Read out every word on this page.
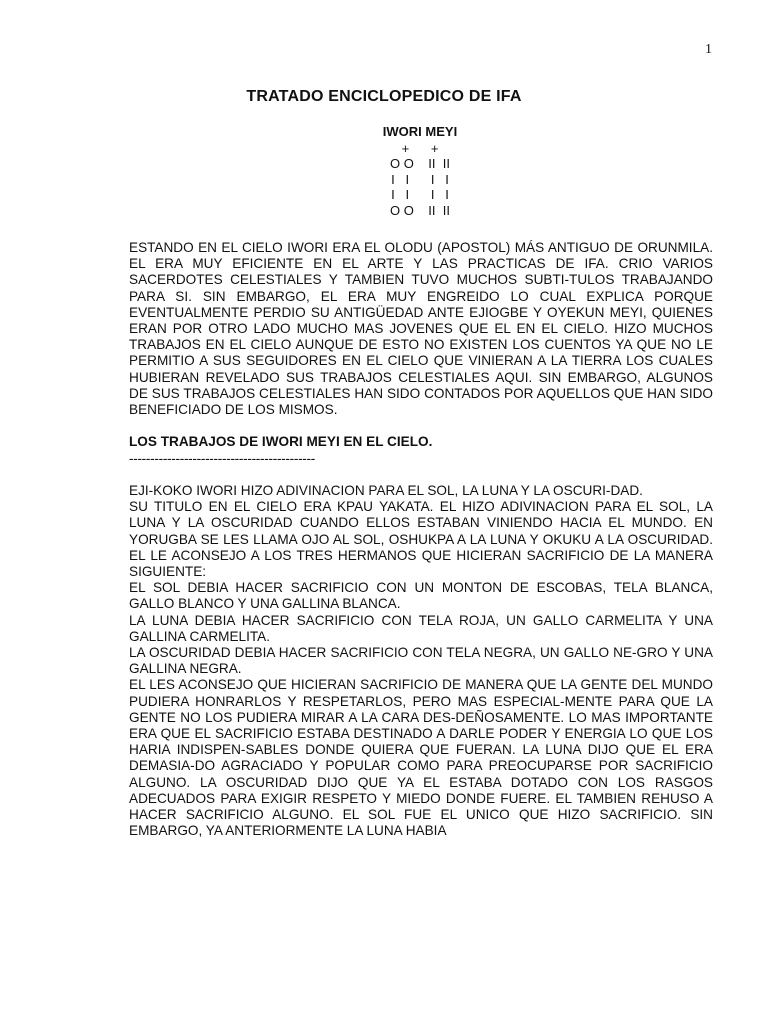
1
TRATADO ENCICLOPEDICO DE IFA
IWORI MEYI
+      +
O O    II  II
I   I      I   I
I   I      I   I
O O    II  II

ESTANDO EN EL CIELO IWORI ERA EL OLODU (APOSTOL) MÁS ANTIGUO DE ORUNMILA. EL ERA MUY EFICIENTE EN EL ARTE Y LAS PRACTICAS DE IFA. CRIO VARIOS SACERDOTES CELESTIALES Y TAMBIEN TUVO MUCHOS SUBTI-TULOS TRABAJANDO PARA SI. SIN EMBARGO, EL ERA MUY ENGREIDO LO CUAL EXPLICA PORQUE EVENTUALMENTE PERDIO SU ANTIGÜEDAD ANTE EJIOGBE Y OYEKUN MEYI, QUIENES ERAN POR OTRO LADO MUCHO MAS JOVENES QUE EL EN EL CIELO. HIZO MUCHOS TRABAJOS EN EL CIELO AUNQUE DE ESTO NO EXISTEN LOS CUENTOS YA QUE NO LE PERMITIO A SUS SEGUIDORES EN EL CIELO QUE VINIERAN A LA TIERRA LOS CUALES HUBIERAN REVELADO SUS TRABAJOS CELESTIALES AQUI. SIN EMBARGO, ALGUNOS DE SUS TRABAJOS CELESTIALES HAN SIDO CONTADOS POR AQUELLOS QUE HAN SIDO BENEFICIADO DE LOS MISMOS.

LOS TRABAJOS DE IWORI MEYI EN EL CIELO.

--------------------------------------------

EJI-KOKO IWORI HIZO ADIVINACION PARA EL SOL, LA LUNA Y LA OSCURI-DAD.

SU TITULO EN EL CIELO ERA KPAU YAKATA. EL HIZO ADIVINACION PARA EL SOL, LA LUNA Y LA OSCURIDAD CUANDO ELLOS ESTABAN VINIENDO HACIA EL MUNDO. EN YORUGBA SE LES LLAMA OJO AL SOL, OSHUKPA A LA LUNA Y OKUKU A LA OSCURIDAD. EL LE ACONSEJO A LOS TRES HERMANOS QUE HICIERAN SACRIFICIO DE LA MANERA SIGUIENTE:

EL SOL DEBIA HACER SACRIFICIO CON UN MONTON DE ESCOBAS, TELA BLANCA, GALLO BLANCO Y UNA GALLINA BLANCA.

LA LUNA DEBIA HACER SACRIFICIO CON TELA ROJA, UN GALLO CARMELITA Y UNA GALLINA CARMELITA.

LA OSCURIDAD DEBIA HACER SACRIFICIO CON TELA NEGRA, UN GALLO NE-GRO Y UNA GALLINA NEGRA.

EL LES ACONSEJO QUE HICIERAN SACRIFICIO DE MANERA QUE LA GENTE DEL MUNDO PUDIERA HONRARLOS Y RESPETARLOS, PERO MAS ESPECIAL-MENTE PARA QUE LA GENTE NO LOS PUDIERA MIRAR A LA CARA DES-DEÑOSAMENTE. LO MAS IMPORTANTE ERA QUE EL SACRIFICIO ESTABA DESTINADO A DARLE PODER Y ENERGIA LO QUE LOS HARIA INDISPEN-SABLES DONDE QUIERA QUE FUERAN. LA LUNA DIJO QUE EL ERA DEMASIA-DO AGRACIADO Y POPULAR COMO PARA PREOCUPARSE POR SACRIFICIO ALGUNO. LA OSCURIDAD DIJO QUE YA EL ESTABA DOTADO CON LOS RASGOS ADECUADOS PARA EXIGIR RESPETO Y MIEDO DONDE FUERE. EL TAMBIEN REHUSO A HACER SACRIFICIO ALGUNO. EL SOL FUE EL UNICO QUE HIZO SACRIFICIO. SIN EMBARGO, YA ANTERIORMENTE LA LUNA HABIA
